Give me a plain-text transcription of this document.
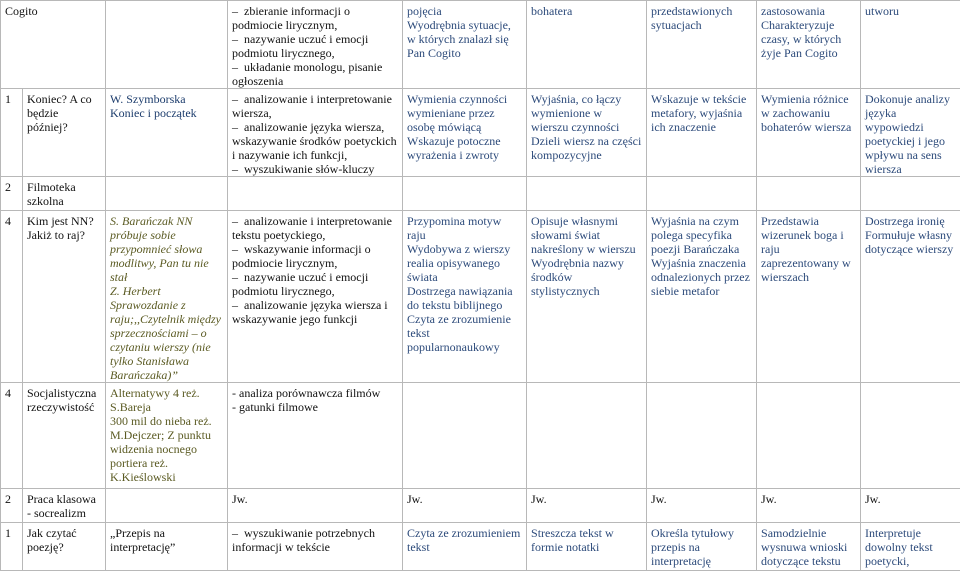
Cogito			–  zbieranie informacji o podmiocie lirycznym,
–  nazywanie uczuć i emocji podmiotu lirycznego,
–  układanie monologu, pisanie ogłoszenia	pojęcia
Wyodrębnia sytuacje, w których znalazł się Pan Cogito	bohatera	przedstawionych sytuacjach	zastosowania
Charakteryzuje czasy, w których żyje Pan Cogito	utworu
1	Koniec? A co będzie później?	W. Szymborska Koniec i początek	–  analizowanie i interpretowanie wiersza,
–  analizowanie języka wiersza,
wskazywanie środków poetyckich i nazywanie ich funkcji,
–  wyszukiwanie słów-kluczy	Wymienia czynności wymieniane przez osobę mówiącą
Wskazuje potoczne wyrażenia i zwroty	Wyjaśnia, co łączy wymienione w wierszu czynności
Dzieli wiersz na części kompozycyjne	Wskazuje w tekście metafory, wyjaśnia ich znaczenie	Wymienia różnice w zachowaniu bohaterów wiersza	Dokonuje analizy języka wypowiedzi poetyckiej i jego wpływu na sens wiersza

2	Filmoteka szkolna							
4	Kim jest NN? Jakiż to raj?	S. Barańczak NN próbuje sobie przypomnieć słowa modlitwy, Pan tu nie stał
Z. Herbert Sprawozdanie z raju;,,Czytelnik między sprzecznościami – o czytaniu wierszy (nie tylko Stanisława Barańczaka)”	–  analizowanie i interpretowanie tekstu poetyckiego,
–  wskazywanie informacji o podmiocie lirycznym,
–  nazywanie uczuć i emocji podmiotu lirycznego,
–  analizowanie języka wiersza i wskazywanie jego funkcji	Przypomina motyw raju
Wydobywa z wierszy realia opisywanego świata
Dostrzega nawiązania do tekstu biblijnego
Czyta ze zrozumienie tekst popularnonaukowy	Opisuje własnymi słowami świat nakreślony w wierszu
Wyodrębnia nazwy środków stylistycznych	Wyjaśnia na czym polega specyfika poezji Barańczaka
Wyjaśnia znaczenia odnalezionych przez siebie metafor	Przedstawia wizerunek boga i raju zaprezentowany w wierszach	Dostrzega ironię
Formułuje własny dotyczące wierszy

4	Socjalistyczna rzeczywistość	Alternatywy 4 reż.
S.Bareja
300 mil do nieba reż.
M.Dejczer; Z punktu widzenia nocnego portiera reż.
K.Kieślowski	- analiza porównawcza filmów
- gatunki filmowe					

2	Praca klasowa - socrealizm		Jw.	Jw.	Jw.	Jw.	Jw.	Jw.
1	Jak czytać poezję?	„Przepis na interpretację”	–  wyszukiwanie potrzebnych informacji w tekście	Czyta ze zrozumieniem tekst	Streszcza tekst w formie notatki	Określa tytułowy przepis na interpretację	Samodzielnie wysnuwa wnioski dotyczące tekstu	Interpretuje dowolny tekst poetycki,
